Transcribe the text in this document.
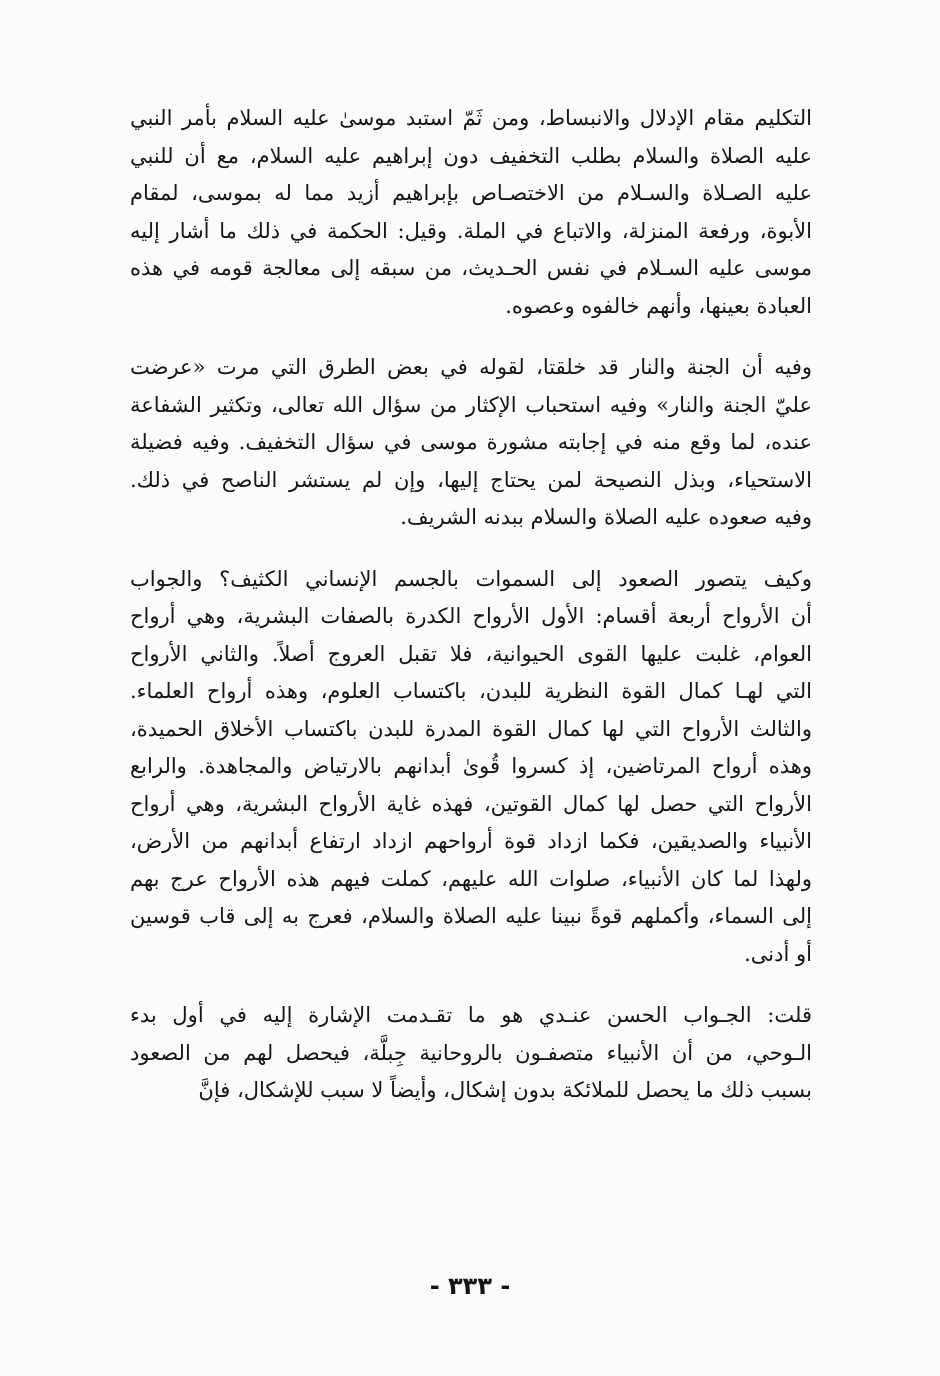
التكليم مقام الإدلال والانبساط، ومن ثَمّ استبد موسىٰ عليه السلام بأمر النبي
عليه الصلاة والسلام بطلب التخفيف دون إبراهيم عليه السلام، مع أن للنبي
عليه الصـلاة والسـلام من الاختصـاص بإبراهيم أزيد مما له بموسى، لمقام
الأبوة، ورفعة المنزلة، والاتباع في الملة. وقيل: الحكمة في ذلك ما أشار إليه
موسى عليه السـلام في نفس الحـديث، من سبقه إلى معالجة قومه في هذه
العبادة بعينها، وأنهم خالفوه وعصوه.

وفيه أن الجنة والنار قد خلقتا، لقوله في بعض الطرق التي مرت «عرضت
عليّ الجنة والنار» وفيه استحباب الإكثار من سؤال الله تعالى، وتكثير الشفاعة
عنده، لما وقع منه في إجابته مشورة موسى في سؤال التخفيف. وفيه فضيلة
الاستحياء، وبذل النصيحة لمن يحتاج إليها، وإن لم يستشر الناصح في ذلك.
وفيه صعوده عليه الصلاة والسلام ببدنه الشريف.

وكيف يتصور الصعود إلى السموات بالجسم الإنساني الكثيف؟ والجواب
أن الأرواح أربعة أقسام: الأول الأرواح الكدرة بالصفات البشرية، وهي أرواح
العوام، غلبت عليها القوى الحيوانية، فلا تقبل العروج أصلاً. والثاني الأرواح
التي لهـا كمال القوة النظرية للبدن، باكتساب العلوم، وهذه أرواح العلماء.
والثالث الأرواح التي لها كمال القوة المدرة للبدن باكتساب الأخلاق الحميدة،
وهذه أرواح المرتاضين، إذ كسروا قُوىٰ أبدانهم بالارتياض والمجاهدة. والرابع
الأرواح التي حصل لها كمال القوتين، فهذه غاية الأرواح البشرية، وهي أرواح
الأنبياء والصديقين، فكما ازداد قوة أرواحهم ازداد ارتفاع أبدانهم من الأرض،
ولهذا لما كان الأنبياء، صلوات الله عليهم، كملت فيهم هذه الأرواح عرج بهم
إلى السماء، وأكملهم قوةً نبينا عليه الصلاة والسلام، فعرج به إلى قاب قوسين
أو أدنى.

قلت: الجـواب الحسن عنـدي هو ما تقـدمت الإشارة إليه في أول بدء
الـوحي، من أن الأنبياء متصفـون بالروحانية جِبلَّة، فيحصل لهم من الصعود
بسبب ذلك ما يحصل للملائكة بدون إشكال، وأيضاً لا سبب للإشكال، فإنَّ

- ٣٣٣ -
